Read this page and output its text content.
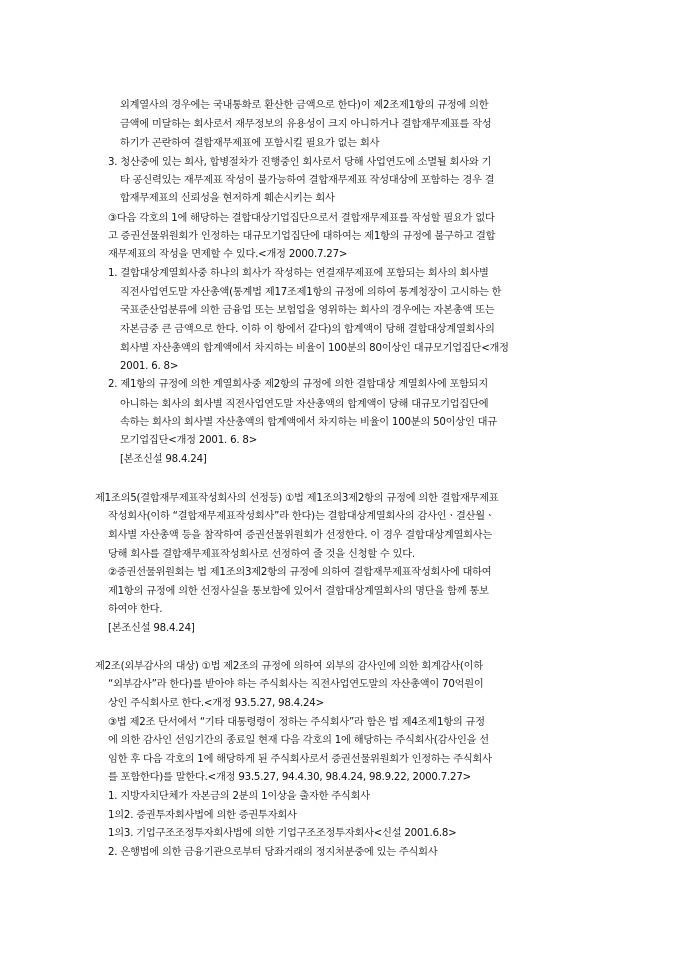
외계열사의 경우에는 국내통화로 환산한 금액으로 한다)이 제2조제1항의 규정에 의한
금액에 미달하는 회사로서 재무정보의 유용성이 크지 아니하거나 결합재무제표를 작성
하기가 곤란하여 결합재무제표에 포함시킬 필요가 없는 회사
3. 청산중에 있는 회사, 합병절차가 진행중인 회사로서 당해 사업연도에 소멸될 회사와 기
타 공신력있는 재무제표 작성이 불가능하여 결합재무제표 작성대상에 포함하는 경우 결
합재무제표의 신뢰성을 현저하게 훼손시키는 회사
③다음 각호의 1에 해당하는 결합대상기업집단으로서 결합재무제표를 작성할 필요가 없다
고 증권선물위원회가 인정하는 대규모기업집단에 대하여는 제1항의 규정에 불구하고 결합
재무제표의 작성을 면제할 수 있다.<개정 2000.7.27>
1. 결합대상계열회사중 하나의 회사가 작성하는 연결재무제표에 포함되는 회사의 회사별
직전사업연도말 자산총액(통계법 제17조제1항의 규정에 의하여 통계청장이 고시하는 한
국표준산업분류에 의한 금융업 또는 보험업을 영위하는 회사의 경우에는 자본총액 또는
자본금중 큰 금액으로 한다. 이하 이 항에서 같다)의 합계액이 당해 결합대상계열회사의
회사별 자산총액의 합계액에서 차지하는 비율이 100분의 80이상인 대규모기업집단<개정
2001. 6. 8>
2. 제1항의 규정에 의한 계열회사중 제2항의 규정에 의한 결합대상 계열회사에 포함되지
아니하는 회사의 회사별 직전사업연도말 자산총액의 합계액이 당해 대규모기업집단에
속하는 회사의 회사별 자산총액의 합계액에서 차지하는 비율이 100분의 50이상인 대규
모기업집단<개정 2001. 6. 8>
[본조신설 98.4.24]
제1조의5(결합재무제표작성회사의 선정등) ①법 제1조의3제2항의 규정에 의한 결합재무제표
작성회사(이하 “결합재무제표작성회사”라 한다)는 결합대상계열회사의 감사인ㆍ결산월ㆍ
회사별 자산총액 등을 참작하여 증권선물위원회가 선정한다. 이 경우 결합대상계열회사는
당해 회사를 결합재무제표작성회사로 선정하여 줄 것을 신청할 수 있다.
②증권선물위원회는 법 제1조의3제2항의 규정에 의하여 결합재무제표작성회사에 대하여
제1항의 규정에 의한 선정사실을 통보함에 있어서 결합대상계열회사의 명단을 함께 통보
하여야 한다.
[본조신설 98.4.24]
제2조(외부감사의 대상) ①법 제2조의 규정에 의하여 외부의 감사인에 의한 회계감사(이하
“외부감사”라 한다)를 받아야 하는 주식회사는 직전사업연도말의 자산총액이 70억원이
상인 주식회사로 한다.<개정 93.5.27, 98.4.24>
③법 제2조 단서에서 “기타 대통령령이 정하는 주식회사”라 함은 법 제4조제1항의 규정
에 의한 감사인 선임기간의 종료일 현재 다음 각호의 1에 해당하는 주식회사(감사인을 선
임한 후 다음 각호의 1에 해당하게 된 주식회사로서 증권선물위원회가 인정하는 주식회사
를 포함한다)를 말한다.<개정 93.5.27, 94.4.30, 98.4.24, 98.9.22, 2000.7.27>
1. 지방자치단체가 자본금의 2분의 1이상을 출자한 주식회사
1의2. 증권투자회사법에 의한 증권투자회사
1의3. 기업구조조정투자회사법에 의한 기업구조조정투자회사<신설 2001.6.8>
2. 은행법에 의한 금융기관으로부터 당좌거래의 정지처분중에 있는 주식회사
